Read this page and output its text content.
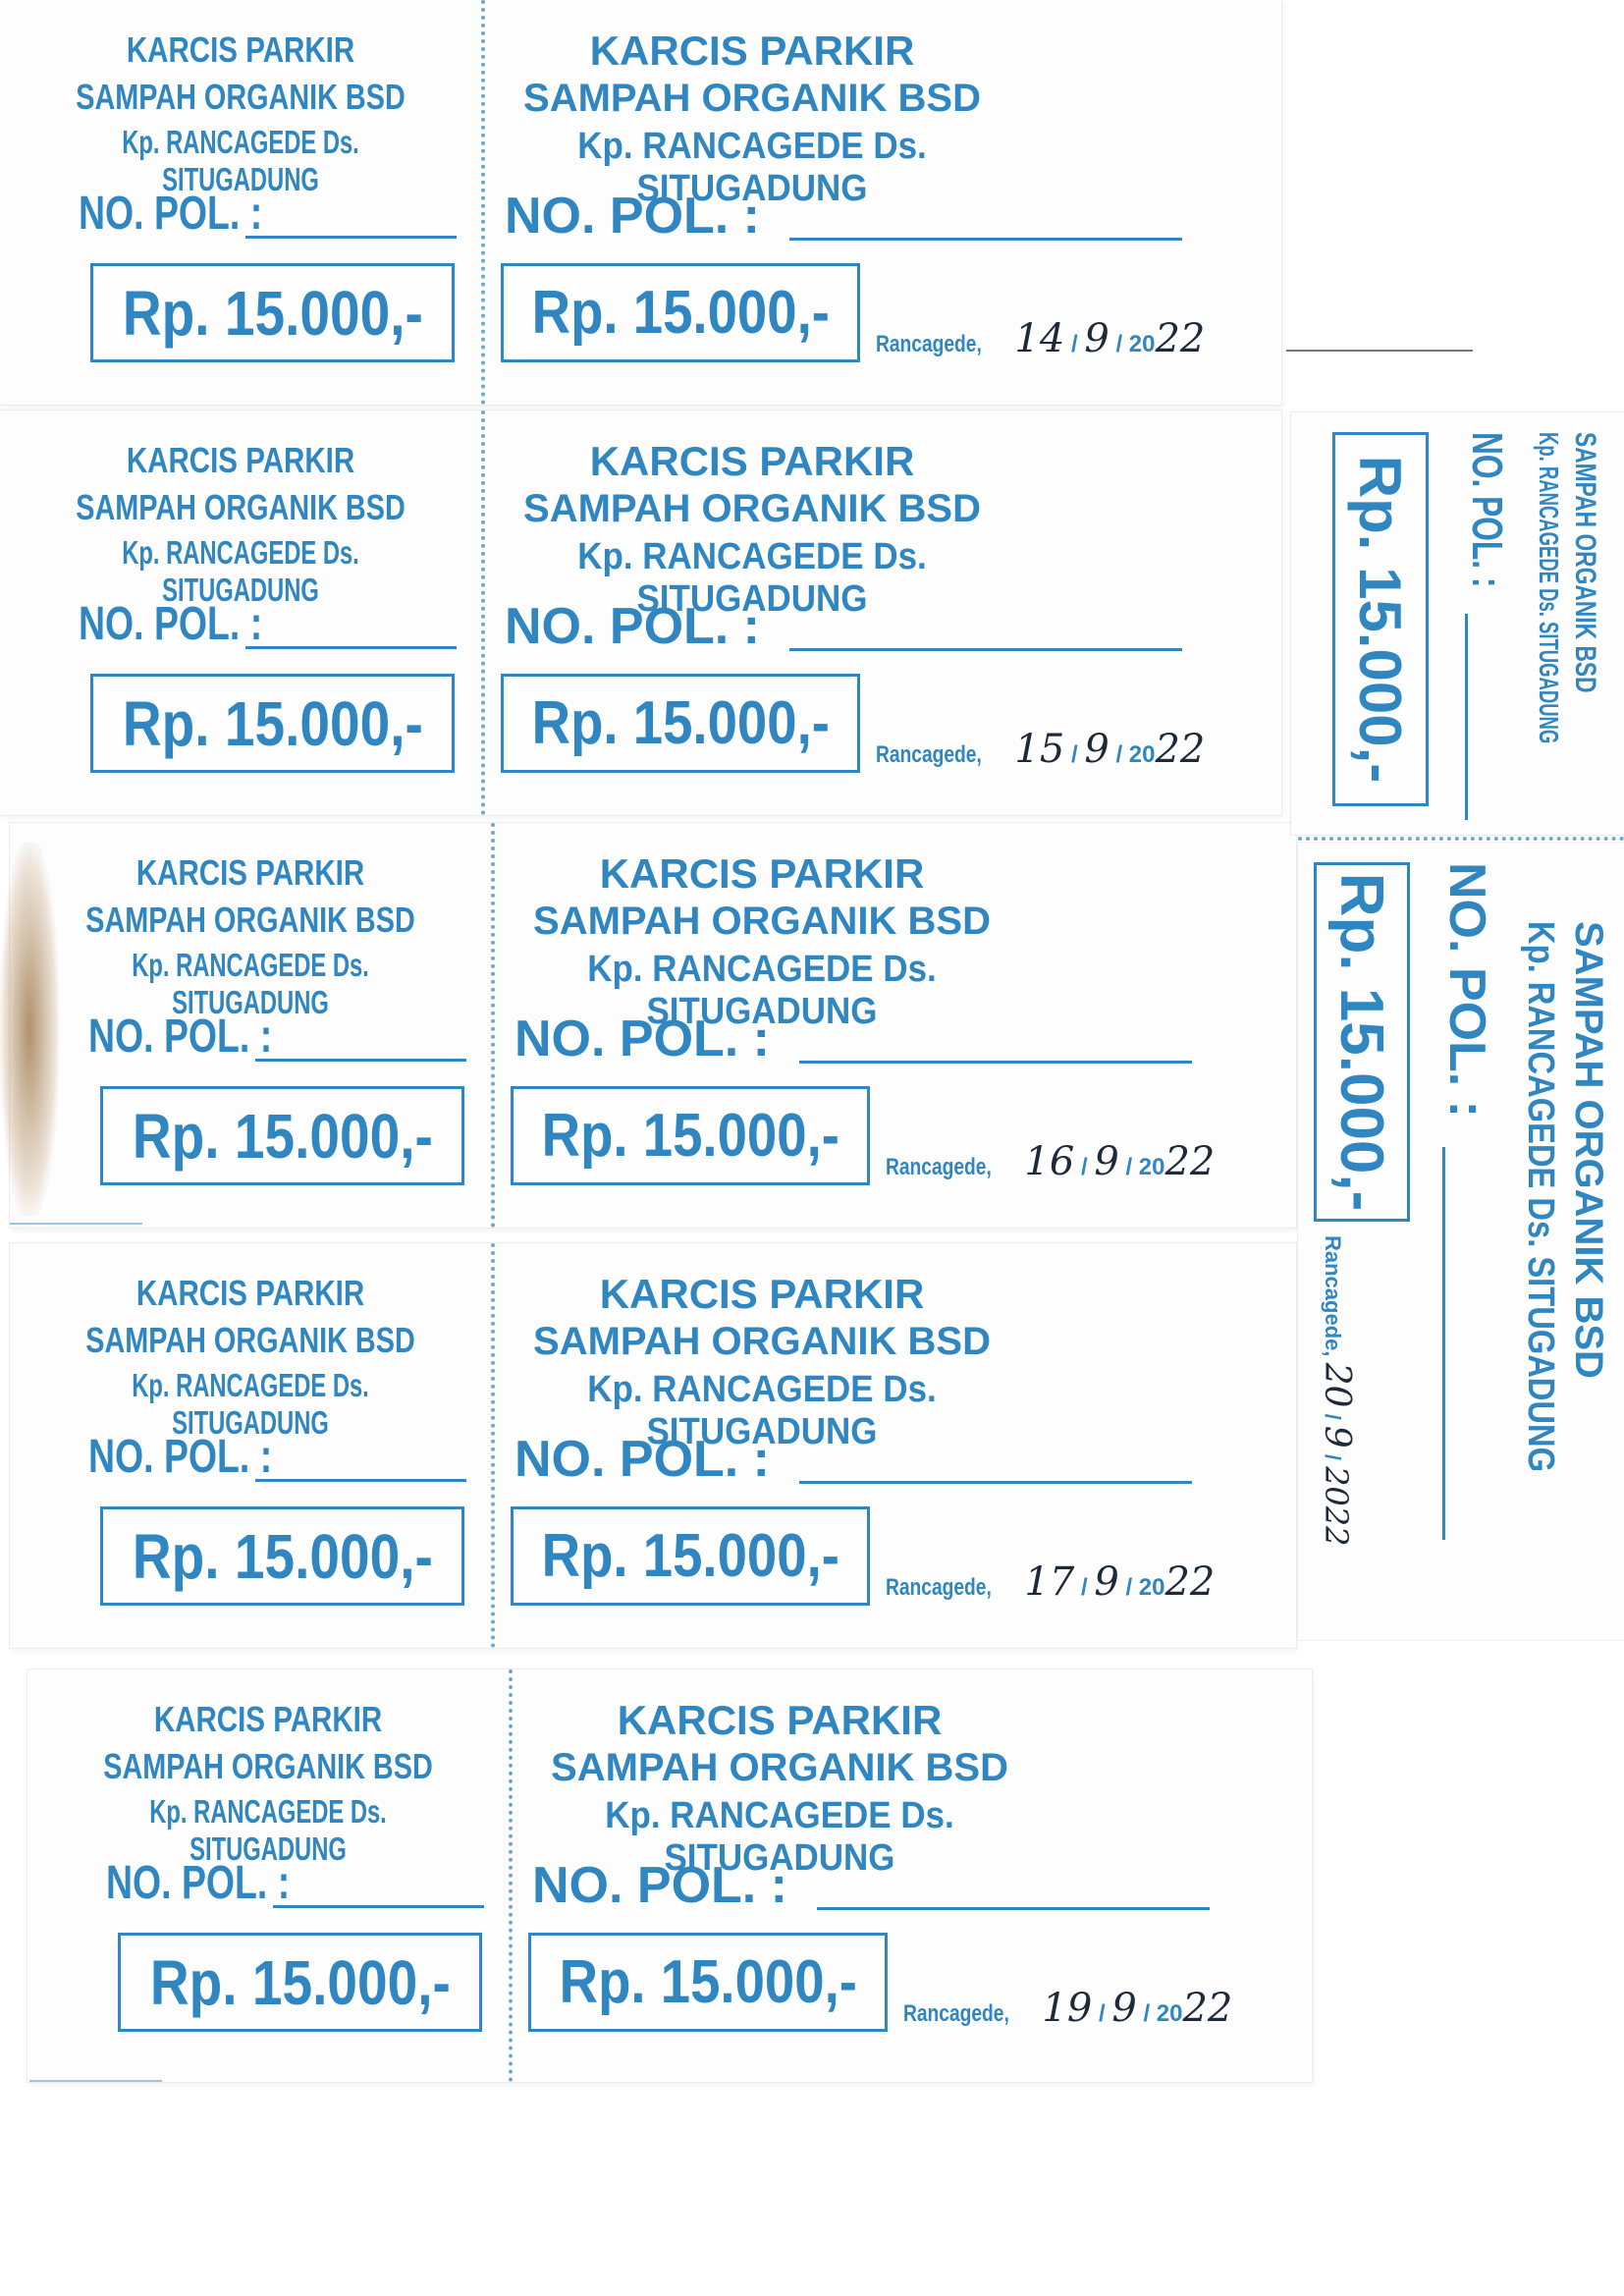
KARCIS PARKIR
SAMPAH ORGANIK BSD
Kp. RANCAGEDE Ds. SITUGADUNG
NO. POL. :
Rp. 15.000,-
KARCIS PARKIR
SAMPAH ORGANIK BSD
Kp. RANCAGEDE Ds. SITUGADUNG
NO. POL. :
Rp. 15.000,- Rancagede, 14 / 9 / 2022
KARCIS PARKIR
SAMPAH ORGANIK BSD
Kp. RANCAGEDE Ds. SITUGADUNG
NO. POL. :
Rp. 15.000,-
KARCIS PARKIR
SAMPAH ORGANIK BSD
Kp. RANCAGEDE Ds. SITUGADUNG
NO. POL. :
Rp. 15.000,- Rancagede, 15 / 9 / 2022
KARCIS PARKIR
SAMPAH ORGANIK BSD
Kp. RANCAGEDE Ds. SITUGADUNG
NO. POL. :
Rp. 15.000,-
KARCIS PARKIR
SAMPAH ORGANIK BSD
Kp. RANCAGEDE Ds. SITUGADUNG
NO. POL. :
Rp. 15.000,- Rancagede, 16 / 9 / 2022
KARCIS PARKIR
SAMPAH ORGANIK BSD
Kp. RANCAGEDE Ds. SITUGADUNG
NO. POL. :
Rp. 15.000,-
KARCIS PARKIR
SAMPAH ORGANIK BSD
Kp. RANCAGEDE Ds. SITUGADUNG
NO. POL. :
Rp. 15.000,- Rancagede, 17 / 9 / 2022
KARCIS PARKIR
SAMPAH ORGANIK BSD
Kp. RANCAGEDE Ds. SITUGADUNG
NO. POL. :
Rp. 15.000,-
KARCIS PARKIR
SAMPAH ORGANIK BSD
Kp. RANCAGEDE Ds. SITUGADUNG
NO. POL. :
Rp. 15.000,- Rancagede, 19 / 9 / 2022
SAMPAH ORGANIK BSD
Kp. RANCAGEDE Ds. SITUGADUNG
NO. POL. :
Rp. 15.000,-
SAMPAH ORGANIK BSD
Kp. RANCAGEDE Ds. SITUGADUNG
NO. POL. :
Rp. 15.000,-
Rancagede, 20 / 9 / 2022
